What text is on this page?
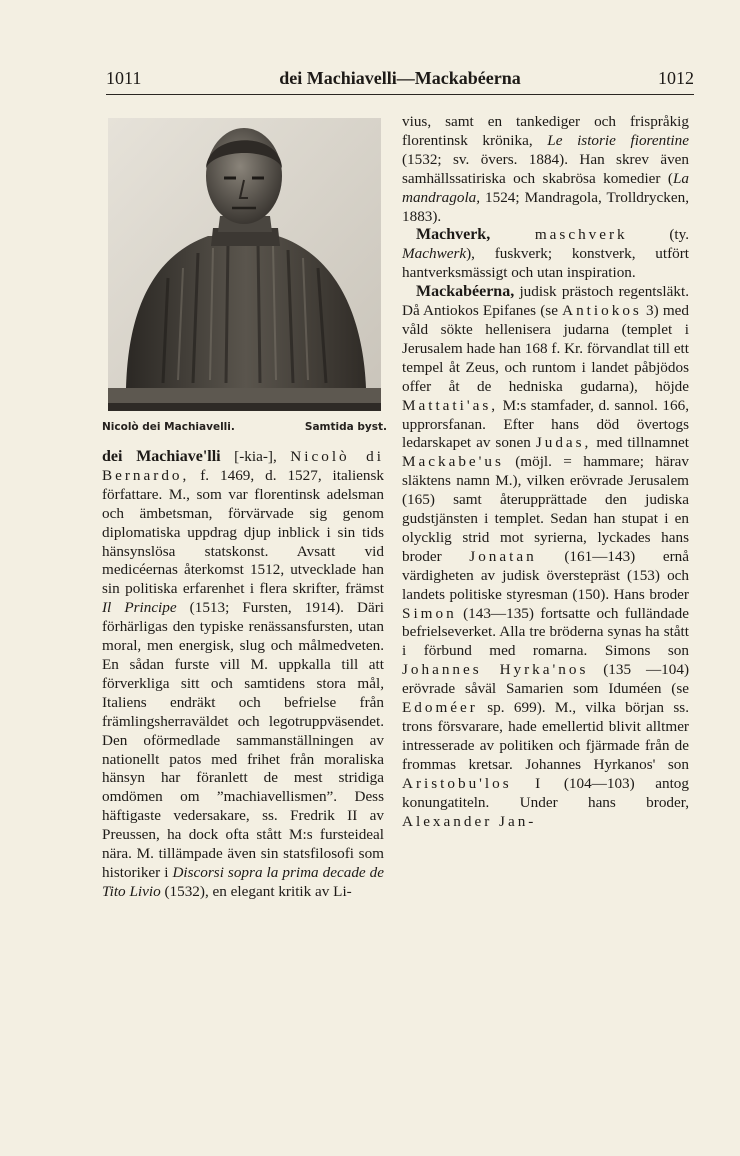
1011	dei Machiavelli—Mackabéerna	1012
Nicolò dei Machiavelli.	Samtida byst.

dei Machiave'lli [-kia-], Nicolò di Bernardo, f. 1469, d. 1527, italiensk författare. M., som var florentinsk adelsman och ämbetsman, förvärvade sig genom diplomatiska uppdrag djup inblick i sin tids hänsynslösa statskonst. Avsatt vid medicéernas återkomst 1512, utvecklade han sin politiska erfarenhet i flera skrifter, främst Il Principe (1513; Fursten, 1914). Däri förhärligas den typiske renässansfursten, utan moral, men energisk, slug och målmedveten. En sådan furste vill M. uppkalla till att förverkliga sitt och samtidens stora mål, Italiens endräkt och befrielse från främlingsherraväldet och legotruppväsendet. Den oförmedlade sammanställningen av nationellt patos med frihet från moraliska hänsyn har föranlett de mest stridiga omdömen om ”machiavellismen”. Dess häftigaste vedersakare, ss. Fredrik II av Preussen, ha dock ofta stått M:s fursteideal nära. M. tillämpade även sin statsfilosofi som historiker i Discorsi sopra la prima decade de Tito Livio (1532), en elegant kritik av Li-

vius, samt en tankediger och frispråkig florentinsk krönika, Le istorie fiorentine (1532; sv. övers. 1884). Han skrev även samhällssatiriska och skabrösa komedier (La mandragola, 1524; Mandragola, Trolldrycken, 1883).

Machverk, maschverk (ty. Machwerk), fuskverk; konstverk, utfört hantverksmässigt och utan inspiration.

Mackabéerna, judisk prästoch regentsläkt. Då Antiokos Epifanes (se Antiokos 3) med våld sökte hellenisera judarna (templet i Jerusalem hade han 168 f. Kr. förvandlat till ett tempel åt Zeus, och runtom i landet påbjödos offer åt de hedniska gudarna), höjde Mattati'as, M:s stamfader, d. sannol. 166, upprorsfanan. Efter hans död övertogs ledarskapet av sonen Judas, med tillnamnet Mackabe'us (möjl. = hammare; härav släktens namn M.), vilken erövrade Jerusalem (165) samt återupprättade den judiska gudstjänsten i templet. Sedan han stupat i en olycklig strid mot syrierna, lyckades hans broder Jonatan (161—143) ernå värdigheten av judisk överstepräst (153) och landets politiske styresman (150). Hans broder Simon (143—135) fortsatte och fulländade befrielseverket. Alla tre bröderna synas ha stått i förbund med romarna. Simons son Johannes Hyrka'nos (135 —104) erövrade såväl Samarien som Iduméen (se Edoméer sp. 699). M., vilka början ss. trons försvarare, hade emellertid blivit alltmer intresserade av politiken och fjärmade från de frommas kretsar. Johannes Hyrkanos' son Aristobu'los I (104—103) antog konungatiteln. Under hans broder, Alexander Jan-
